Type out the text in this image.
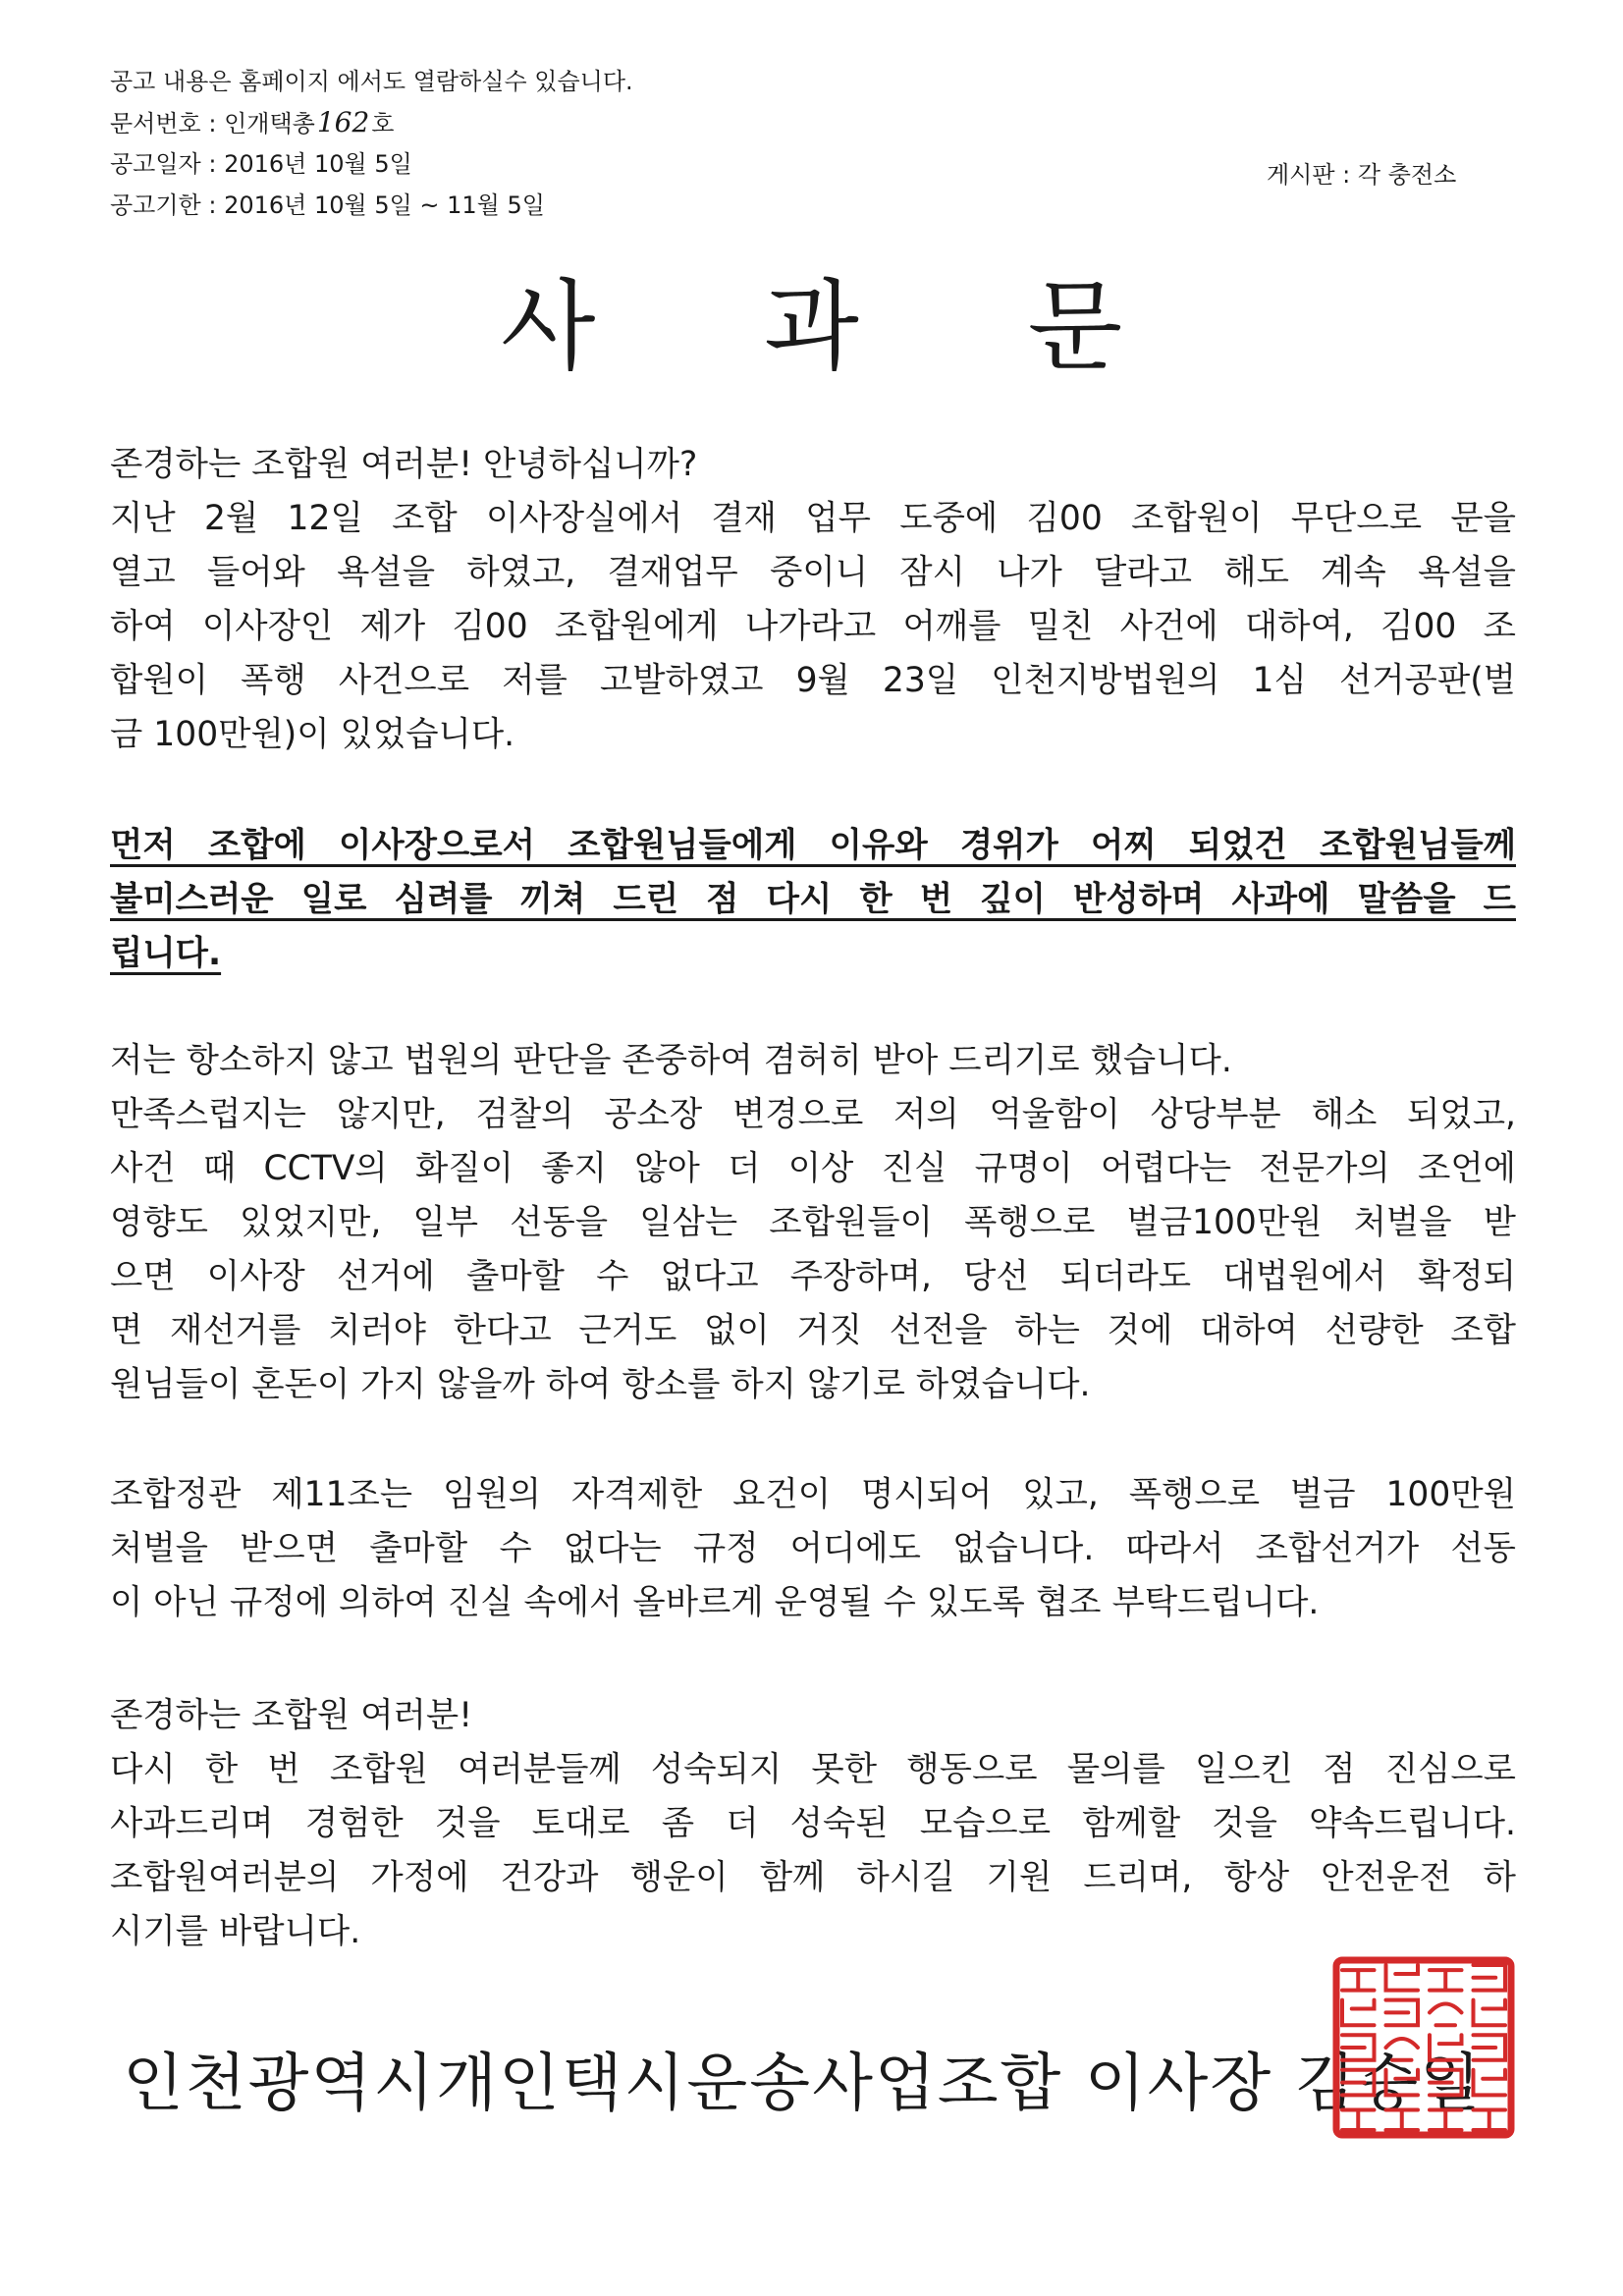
공고 내용은 홈페이지 에서도 열람하실수 있습니다.
문서번호 : 인개택총162호
공고일자 : 2016년 10월 5일
공고기한 : 2016년 10월 5일 ~ 11월 5일
게시판 : 각 충전소
사 과 문

존경하는 조합원 여러분! 안녕하십니까?

지난 2월 12일 조합 이사장실에서 결재 업무 도중에 김00 조합원이 무단으로 문을

열고 들어와 욕설을 하였고, 결재업무 중이니 잠시 나가 달라고 해도 계속 욕설을

하여 이사장인 제가 김00 조합원에게 나가라고 어깨를 밀친 사건에 대하여, 김00 조

합원이 폭행 사건으로 저를 고발하였고 9월 23일 인천지방법원의 1심 선거공판(벌

금 100만원)이 있었습니다.

먼저 조합에 이사장으로서 조합원님들에게 이유와 경위가 어찌 되었건 조합원님들께

불미스러운 일로 심려를 끼쳐 드린 점 다시 한 번 깊이 반성하며 사과에 말씀을 드

립니다.

저는 항소하지 않고 법원의 판단을 존중하여 겸허히 받아 드리기로 했습니다.

만족스럽지는 않지만, 검찰의 공소장 변경으로 저의 억울함이 상당부분 해소 되었고,

사건 때 CCTV의 화질이 좋지 않아 더 이상 진실 규명이 어렵다는 전문가의 조언에

영향도 있었지만, 일부 선동을 일삼는 조합원들이 폭행으로 벌금100만원 처벌을 받

으면 이사장 선거에 출마할 수 없다고 주장하며, 당선 되더라도 대법원에서 확정되

면 재선거를 치러야 한다고 근거도 없이 거짓 선전을 하는 것에 대하여 선량한 조합

원님들이 혼돈이 가지 않을까 하여 항소를 하지 않기로 하였습니다.

조합정관 제11조는 임원의 자격제한 요건이 명시되어 있고, 폭행으로 벌금 100만원

처벌을 받으면 출마할 수 없다는 규정 어디에도 없습니다. 따라서 조합선거가 선동

이 아닌 규정에 의하여 진실 속에서 올바르게 운영될 수 있도록 협조 부탁드립니다.

존경하는 조합원 여러분!

다시 한 번 조합원 여러분들께 성숙되지 못한 행동으로 물의를 일으킨 점 진심으로

사과드리며 경험한 것을 토대로 좀 더 성숙된 모습으로 함께할 것을 약속드립니다.

조합원여러분의 가정에 건강과 행운이 함께 하시길 기원 드리며, 항상 안전운전 하

시기를 바랍니다.

인천광역시개인택시운송사업조합 이사장 김승일
